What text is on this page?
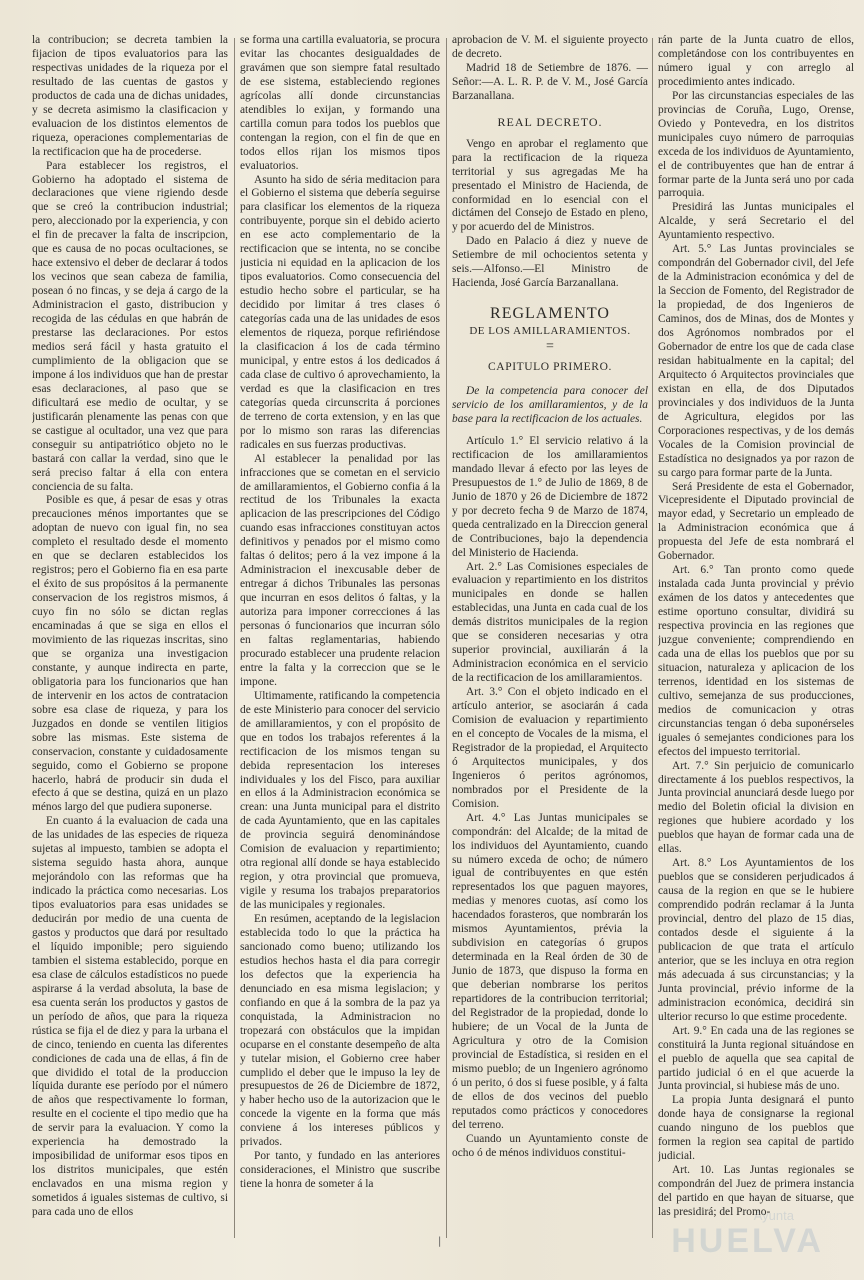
la contribucion; se decreta tambien la fijacion de tipos evaluatorios para las respectivas unidades de la riqueza por el resultado de las cuentas de gastos y productos de cada una de dichas unidades, y se decreta asimismo la clasificacion y evaluacion de los distintos elementos de riqueza, operaciones complementarias de la rectificacion que ha de procederse.

Para establecer los registros, el Gobierno ha adoptado el sistema de declaraciones que viene rigiendo desde que se creó la contribucion industrial; pero, aleccionado por la experiencia, y con el fin de precaver la falta de inscripcion, que es causa de no pocas ocultaciones, se hace extensivo el deber de declarar á todos los vecinos que sean cabeza de familia, posean ó no fincas, y se deja á cargo de la Administracion el gasto, distribucion y recogida de las cédulas en que habrán de prestarse las declaraciones. Por estos medios será fácil y hasta gratuito el cumplimiento de la obligacion que se impone á los individuos que han de prestar esas declaraciones, al paso que se dificultará ese medio de ocultar, y se justificarán plenamente las penas con que se castigue al ocultador, una vez que para conseguir su antipatriótico objeto no le bastará con callar la verdad, sino que le será preciso faltar á ella con entera conciencia de su falta.

Posible es que, á pesar de esas y otras precauciones ménos importantes que se adoptan de nuevo con igual fin, no sea completo el resultado desde el momento en que se declaren establecidos los registros; pero el Gobierno fia en esa parte el éxito de sus propósitos á la permanente conservacion de los registros mismos, á cuyo fin no sólo se dictan reglas encaminadas á que se siga en ellos el movimiento de las riquezas inscritas, sino que se organiza una investigacion constante, y aunque indirecta en parte, obligatoria para los funcionarios que han de intervenir en los actos de contratacion sobre esa clase de riqueza, y para los Juzgados en donde se ventilen litigios sobre las mismas. Este sistema de conservacion, constante y cuidadosamente seguido, como el Gobierno se propone hacerlo, habrá de producir sin duda el efecto á que se destina, quizá en un plazo ménos largo del que pudiera suponerse.

En cuanto á la evaluacion de cada una de las unidades de las especies de riqueza sujetas al impuesto, tambien se adopta el sistema seguido hasta ahora, aunque mejorándolo con las reformas que ha indicado la práctica como necesarias. Los tipos evaluatorios para esas unidades se deducirán por medio de una cuenta de gastos y productos que dará por resultado el líquido imponible; pero siguiendo tambien el sistema establecido, porque en esa clase de cálculos estadísticos no puede aspirarse á la verdad absoluta, la base de esa cuenta serán los productos y gastos de un período de años, que para la riqueza rústica se fija el de diez y para la urbana el de cinco, teniendo en cuenta las diferentes condiciones de cada una de ellas, á fin de que dividido el total de la produccion líquida durante ese período por el número de años que respectivamente lo forman, resulte en el cociente el tipo medio que ha de servir para la evaluacion. Y como la experiencia ha demostrado la imposibilidad de uniformar esos tipos en los distritos municipales, que estén enclavados en una misma region y sometidos á iguales sistemas de cultivo, si para cada uno de ellos

se forma una cartilla evaluatoria, se procura evitar las chocantes desigualdades de gravámen que son siempre fatal resultado de ese sistema, estableciendo regiones agrícolas allí donde circunstancias atendibles lo exijan, y formando una cartilla comun para todos los pueblos que contengan la region, con el fin de que en todos ellos rijan los mismos tipos evaluatorios.

Asunto ha sido de séria meditacion para el Gobierno el sistema que debería seguirse para clasificar los elementos de la riqueza contribuyente, porque sin el debido acierto en ese acto complementario de la rectificacion que se intenta, no se concibe justicia ni equidad en la aplicacion de los tipos evaluatorios. Como consecuencia del estudio hecho sobre el particular, se ha decidido por limitar á tres clases ó categorías cada una de las unidades de esos elementos de riqueza, porque refiriéndose la clasificacion á los de cada término municipal, y entre estos á los dedicados á cada clase de cultivo ó aprovechamiento, la verdad es que la clasificacion en tres categorías queda circunscrita á porciones de terreno de corta extension, y en las que por lo mismo son raras las diferencias radicales en sus fuerzas productivas.

Al establecer la penalidad por las infracciones que se cometan en el servicio de amillaramientos, el Gobierno confia á la rectitud de los Tribunales la exacta aplicacion de las prescripciones del Código cuando esas infracciones constituyan actos definitivos y penados por el mismo como faltas ó delitos; pero á la vez impone á la Administracion el inexcusable deber de entregar á dichos Tribunales las personas que incurran en esos delitos ó faltas, y la autoriza para imponer correcciones á las personas ó funcionarios que incurran sólo en faltas reglamentarias, habiendo procurado establecer una prudente relacion entre la falta y la correccion que se le impone.

Ultimamente, ratificando la competencia de este Ministerio para conocer del servicio de amillaramientos, y con el propósito de que en todos los trabajos referentes á la rectificacion de los mismos tengan su debida representacion los intereses individuales y los del Fisco, para auxiliar en ellos á la Administracion económica se crean: una Junta municipal para el distrito de cada Ayuntamiento, que en las capitales de provincia seguirá denominándose Comision de evaluacion y repartimiento; otra regional allí donde se haya establecido region, y otra provincial que promueva, vigile y resuma los trabajos preparatorios de las municipales y regionales.

En resúmen, aceptando de la legislacion establecida todo lo que la práctica ha sancionado como bueno; utilizando los estudios hechos hasta el dia para corregir los defectos que la experiencia ha denunciado en esa misma legislacion; y confiando en que á la sombra de la paz ya conquistada, la Administracion no tropezará con obstáculos que la impidan ocuparse en el constante desempeño de alta y tutelar mision, el Gobierno cree haber cumplido el deber que le impuso la ley de presupuestos de 26 de Diciembre de 1872, y haber hecho uso de la autorizacion que le concede la vigente en la forma que más conviene á los intereses públicos y privados.

Por tanto, y fundado en las anteriores consideraciones, el Ministro que suscribe tiene la honra de someter á la

aprobacion de V. M. el siguiente proyecto de decreto.

Madrid 18 de Setiembre de 1876. —Señor:—A. L. R. P. de V. M., José García Barzanallana.

REAL DECRETO.

Vengo en aprobar el reglamento que para la rectificacion de la riqueza territorial y sus agregadas Me ha presentado el Ministro de Hacienda, de conformidad en lo esencial con el dictámen del Consejo de Estado en pleno, y por acuerdo del de Ministros.

Dado en Palacio á diez y nueve de Setiembre de mil ochocientos setenta y seis.—Alfonso.—El Ministro de Hacienda, José García Barzanallana.

REGLAMENTO

DE LOS AMILLARAMIENTOS.

=

CAPITULO PRIMERO.

De la competencia para conocer del servicio de los amillaramientos, y de la base para la rectificacion de los actuales.

Artículo 1.° El servicio relativo á la rectificacion de los amillaramientos mandado llevar á efecto por las leyes de Presupuestos de 1.° de Julio de 1869, 8 de Junio de 1870 y 26 de Diciembre de 1872 y por decreto fecha 9 de Marzo de 1874, queda centralizado en la Direccion general de Contribuciones, bajo la dependencia del Ministerio de Hacienda.

Art. 2.° Las Comisiones especiales de evaluacion y repartimiento en los distritos municipales en donde se hallen establecidas, una Junta en cada cual de los demás distritos municipales de la region que se consideren necesarias y otra superior provincial, auxiliarán á la Administracion económica en el servicio de la rectificacion de los amillaramientos.

Art. 3.° Con el objeto indicado en el artículo anterior, se asociarán á cada Comision de evaluacion y repartimiento en el concepto de Vocales de la misma, el Registrador de la propiedad, el Arquitecto ó Arquitectos municipales, y dos Ingenieros ó peritos agrónomos, nombrados por el Presidente de la Comision.

Art. 4.° Las Juntas municipales se compondrán: del Alcalde; de la mitad de los individuos del Ayuntamiento, cuando su número exceda de ocho; de número igual de contribuyentes en que estén representados los que paguen mayores, medias y menores cuotas, así como los hacendados forasteros, que nombrarán los mismos Ayuntamientos, prévia la subdivision en categorías ó grupos determinada en la Real órden de 30 de Junio de 1873, que dispuso la forma en que deberian nombrarse los peritos repartidores de la contribucion territorial; del Registrador de la propiedad, donde lo hubiere; de un Vocal de la Junta de Agricultura y otro de la Comision provincial de Estadística, si residen en el mismo pueblo; de un Ingeniero agrónomo ó un perito, ó dos si fuese posible, y á falta de ellos de dos vecinos del pueblo reputados como prácticos y conocedores del terreno.

Cuando un Ayuntamiento conste de ocho ó de ménos individuos constitui-

rán parte de la Junta cuatro de ellos, completándose con los contribuyentes en número igual y con arreglo al procedimiento antes indicado.

Por las circunstancias especiales de las provincias de Coruña, Lugo, Orense, Oviedo y Pontevedra, en los distritos municipales cuyo número de parroquias exceda de los individuos de Ayuntamiento, el de contribuyentes que han de entrar á formar parte de la Junta será uno por cada parroquia.

Presidirá las Juntas municipales el Alcalde, y será Secretario el del Ayuntamiento respectivo.

Art. 5.° Las Juntas provinciales se compondrán del Gobernador civil, del Jefe de la Administracion económica y del de la Seccion de Fomento, del Registrador de la propiedad, de dos Ingenieros de Caminos, dos de Minas, dos de Montes y dos Agrónomos nombrados por el Gobernador de entre los que de cada clase residan habitualmente en la capital; del Arquitecto ó Arquitectos provinciales que existan en ella, de dos Diputados provinciales y dos individuos de la Junta de Agricultura, elegidos por las Corporaciones respectivas, y de los demás Vocales de la Comision provincial de Estadística no designados ya por razon de su cargo para formar parte de la Junta.

Será Presidente de esta el Gobernador, Vicepresidente el Diputado provincial de mayor edad, y Secretario un empleado de la Administracion económica que á propuesta del Jefe de esta nombrará el Gobernador.

Art. 6.° Tan pronto como quede instalada cada Junta provincial y prévio exámen de los datos y antecedentes que estime oportuno consultar, dividirá su respectiva provincia en las regiones que juzgue conveniente; comprendiendo en cada una de ellas los pueblos que por su situacion, naturaleza y aplicacion de los terrenos, identidad en los sistemas de cultivo, semejanza de sus producciones, medios de comunicacion y otras circunstancias tengan ó deba suponérseles iguales ó semejantes condiciones para los efectos del impuesto territorial.

Art. 7.° Sin perjuicio de comunicarlo directamente á los pueblos respectivos, la Junta provincial anunciará desde luego por medio del Boletin oficial la division en regiones que hubiere acordado y los pueblos que hayan de formar cada una de ellas.

Art. 8.° Los Ayuntamientos de los pueblos que se consideren perjudicados á causa de la region en que se le hubiere comprendido podrán reclamar á la Junta provincial, dentro del plazo de 15 dias, contados desde el siguiente á la publicacion de que trata el artículo anterior, que se les incluya en otra region más adecuada á sus circunstancias; y la Junta provincial, prévio informe de la administracion económica, decidirá sin ulterior recurso lo que estime procedente.

Art. 9.° En cada una de las regiones se constituirá la Junta regional situándose en el pueblo de aquella que sea capital de partido judicial ó en el que acuerde la Junta provincial, si hubiese más de uno.

La propia Junta designará el punto donde haya de consignarse la regional cuando ninguno de los pueblos que formen la region sea capital de partido judicial.

Art. 10. Las Juntas regionales se compondrán del Juez de primera instancia del partido en que hayan de situarse, que las presidirá; del Promo-

|
Ayunta
HUELVA
